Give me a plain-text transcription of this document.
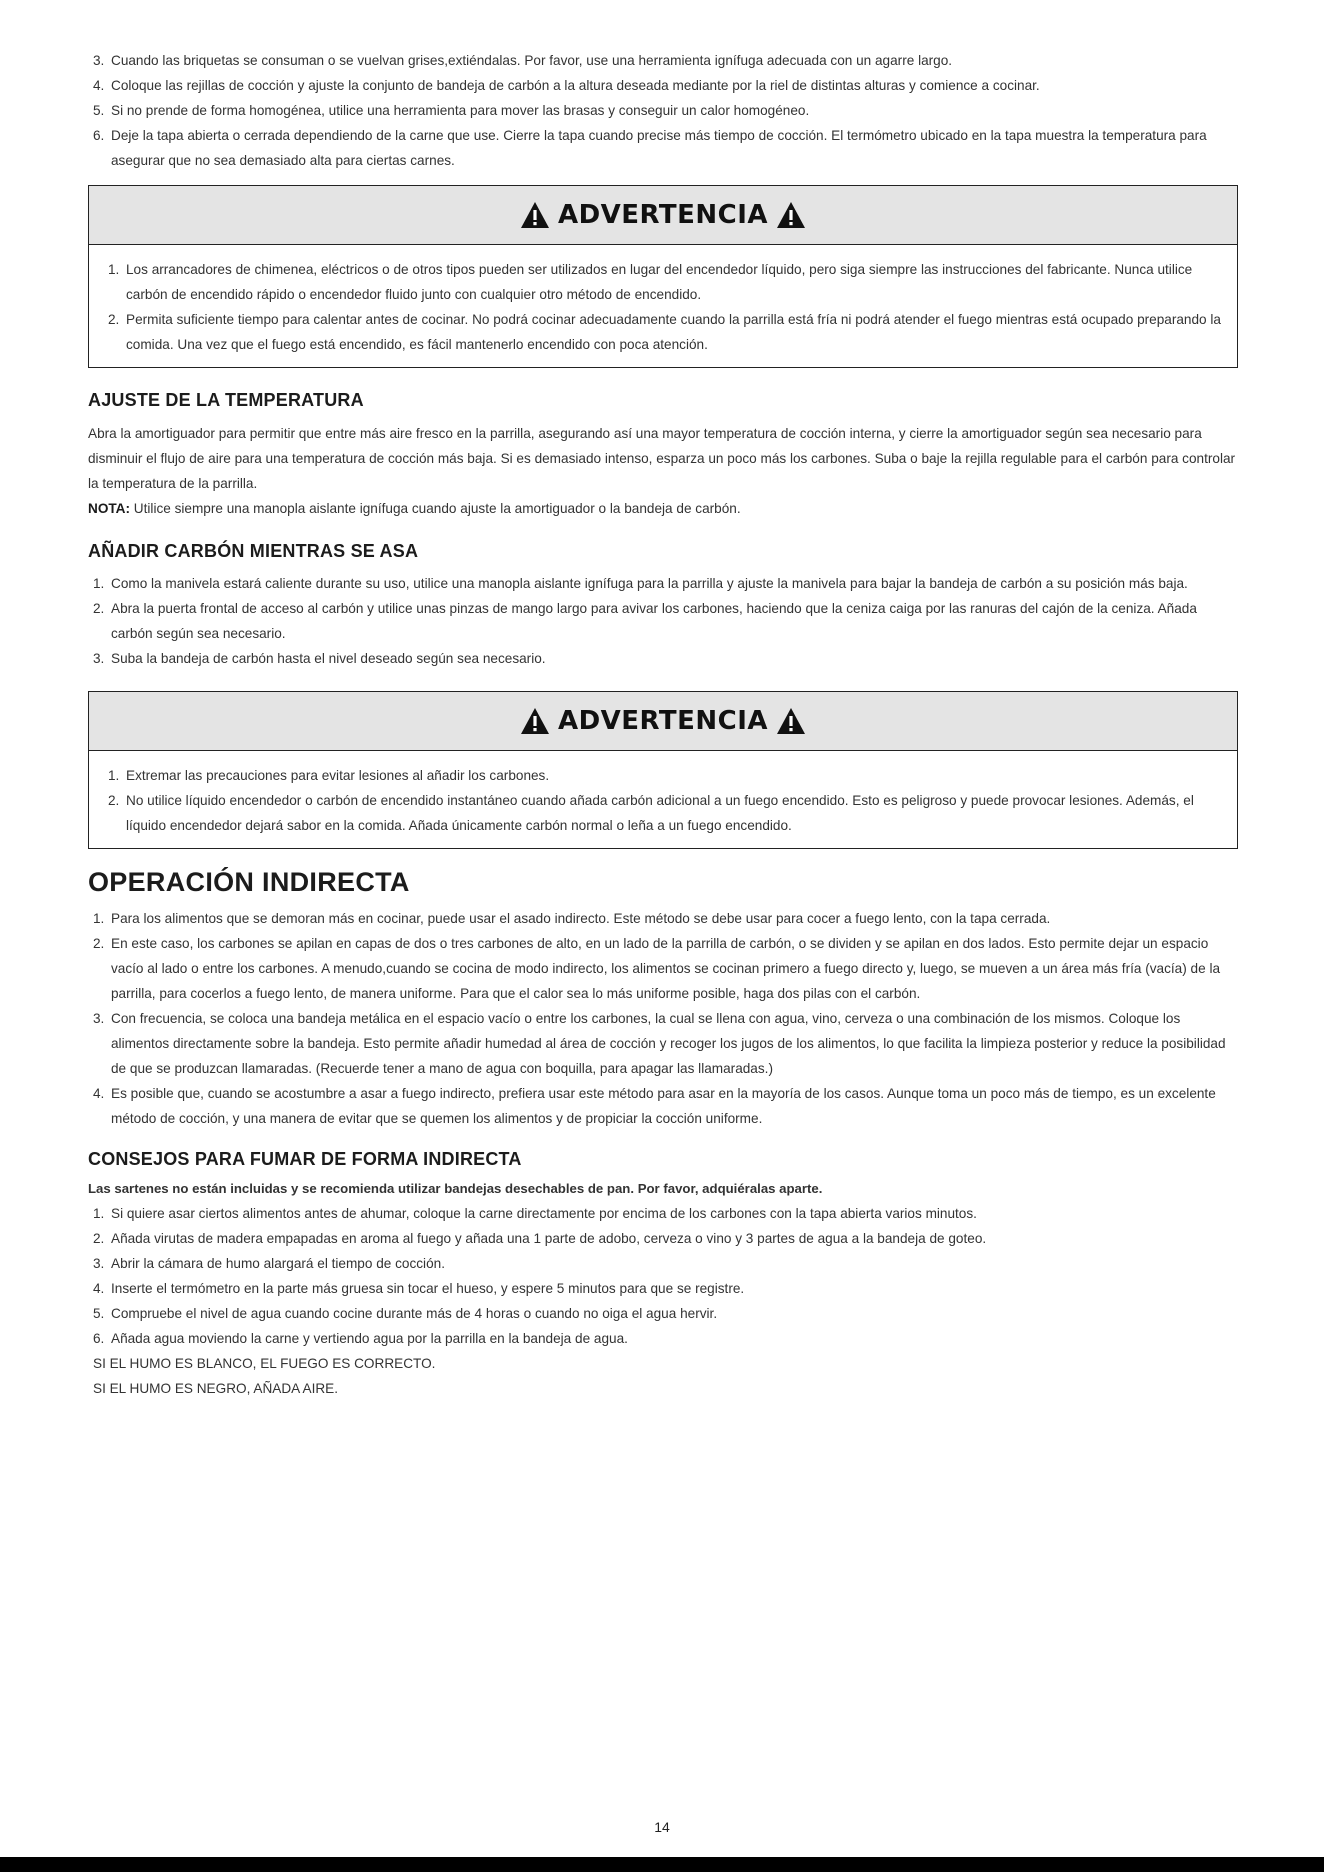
3. Cuando las briquetas se consuman o se vuelvan grises,extiéndalas. Por favor, use una herramienta ignífuga adecuada con un agarre largo.
4. Coloque las rejillas de cocción y ajuste la conjunto de bandeja de carbón a la altura deseada mediante por la riel de distintas alturas y comience a cocinar.
5. Si no prende de forma homogénea, utilice una herramienta para mover las brasas y conseguir un calor homogéneo.
6. Deje la tapa abierta o cerrada dependiendo de la carne que use. Cierre la tapa cuando precise más tiempo de cocción. El termómetro ubicado en la tapa muestra la temperatura para asegurar que no sea demasiado alta para ciertas carnes.
ADVERTENCIA
1. Los arrancadores de chimenea, eléctricos o de otros tipos pueden ser utilizados en lugar del encendedor líquido, pero siga siempre las instrucciones del fabricante. Nunca utilice carbón de encendido rápido o encendedor fluido junto con cualquier otro método de encendido.
2. Permita suficiente tiempo para calentar antes de cocinar. No podrá cocinar adecuadamente cuando la parrilla está fría ni podrá atender el fuego mientras está ocupado preparando la comida. Una vez que el fuego está encendido, es fácil mantenerlo encendido con poca atención.
AJUSTE DE LA TEMPERATURA

Abra la amortiguador para permitir que entre más aire fresco en la parrilla, asegurando así una mayor temperatura de cocción interna, y cierre la amortiguador según sea necesario para disminuir el flujo de aire para una temperatura de cocción más baja. Si es demasiado intenso, esparza un poco más los carbones. Suba o baje la rejilla regulable para el carbón para controlar la temperatura de la parrilla.

NOTA: Utilice siempre una manopla aislante ignífuga cuando ajuste la amortiguador o la bandeja de carbón.

AÑADIR CARBÓN MIENTRAS SE ASA
1. Como la manivela estará caliente durante su uso, utilice una manopla aislante ignífuga para la parrilla y ajuste la manivela para bajar la bandeja de carbón a su posición más baja.
2. Abra la puerta frontal de acceso al carbón y utilice unas pinzas de mango largo para avivar los carbones, haciendo que la ceniza caiga por las ranuras del cajón de la ceniza. Añada carbón según sea necesario.
3. Suba la bandeja de carbón hasta el nivel deseado según sea necesario.
ADVERTENCIA
1. Extremar las precauciones para evitar lesiones al añadir los carbones.
2. No utilice líquido encendedor o carbón de encendido instantáneo cuando añada carbón adicional a un fuego encendido. Esto es peligroso y puede provocar lesiones. Además, el líquido encendedor dejará sabor en la comida. Añada únicamente carbón normal o leña a un fuego encendido.
OPERACIÓN INDIRECTA
1. Para los alimentos que se demoran más en cocinar, puede usar el asado indirecto. Este método se debe usar para cocer a fuego lento, con la tapa cerrada.
2. En este caso, los carbones se apilan en capas de dos o tres carbones de alto, en un lado de la parrilla de carbón, o se dividen y se apilan en dos lados. Esto permite dejar un espacio vacío al lado o entre los carbones. A menudo,cuando se cocina de modo indirecto, los alimentos se cocinan primero a fuego directo y, luego, se mueven a un área más fría (vacía) de la parrilla, para cocerlos a fuego lento, de manera uniforme. Para que el calor sea lo más uniforme posible, haga dos pilas con el carbón.
3. Con frecuencia, se coloca una bandeja metálica en el espacio vacío o entre los carbones, la cual se llena con agua, vino, cerveza o una combinación de los mismos. Coloque los alimentos directamente sobre la bandeja. Esto permite añadir humedad al área de cocción y recoger los jugos de los alimentos, lo que facilita la limpieza posterior y reduce la posibilidad de que se produzcan llamaradas. (Recuerde tener a mano de agua con boquilla, para apagar las llamaradas.)
4. Es posible que, cuando se acostumbre a asar a fuego indirecto, prefiera usar este método para asar en la mayoría de los casos. Aunque toma un poco más de tiempo, es un excelente método de cocción, y una manera de evitar que se quemen los alimentos y de propiciar la cocción uniforme.
CONSEJOS PARA FUMAR DE FORMA INDIRECTA

Las sartenes no están incluidas y se recomienda utilizar bandejas desechables de pan. Por favor, adquiéralas aparte.

1. Si quiere asar ciertos alimentos antes de ahumar, coloque la carne directamente por encima de los carbones con la tapa abierta varios minutos.
2. Añada virutas de madera empapadas en aroma al fuego y añada una 1 parte de adobo, cerveza o vino y 3 partes de agua a la bandeja de goteo.
3. Abrir la cámara de humo alargará el tiempo de cocción.
4. Inserte el termómetro en la parte más gruesa sin tocar el hueso, y espere 5 minutos para que se registre.
5. Compruebe el nivel de agua cuando cocine durante más de 4 horas o cuando no oiga el agua hervir.
6. Añada agua moviendo la carne y vertiendo agua por la parrilla en la bandeja de agua.
SI EL HUMO ES BLANCO, EL FUEGO ES CORRECTO.
SI EL HUMO ES NEGRO, AÑADA AIRE.
14
